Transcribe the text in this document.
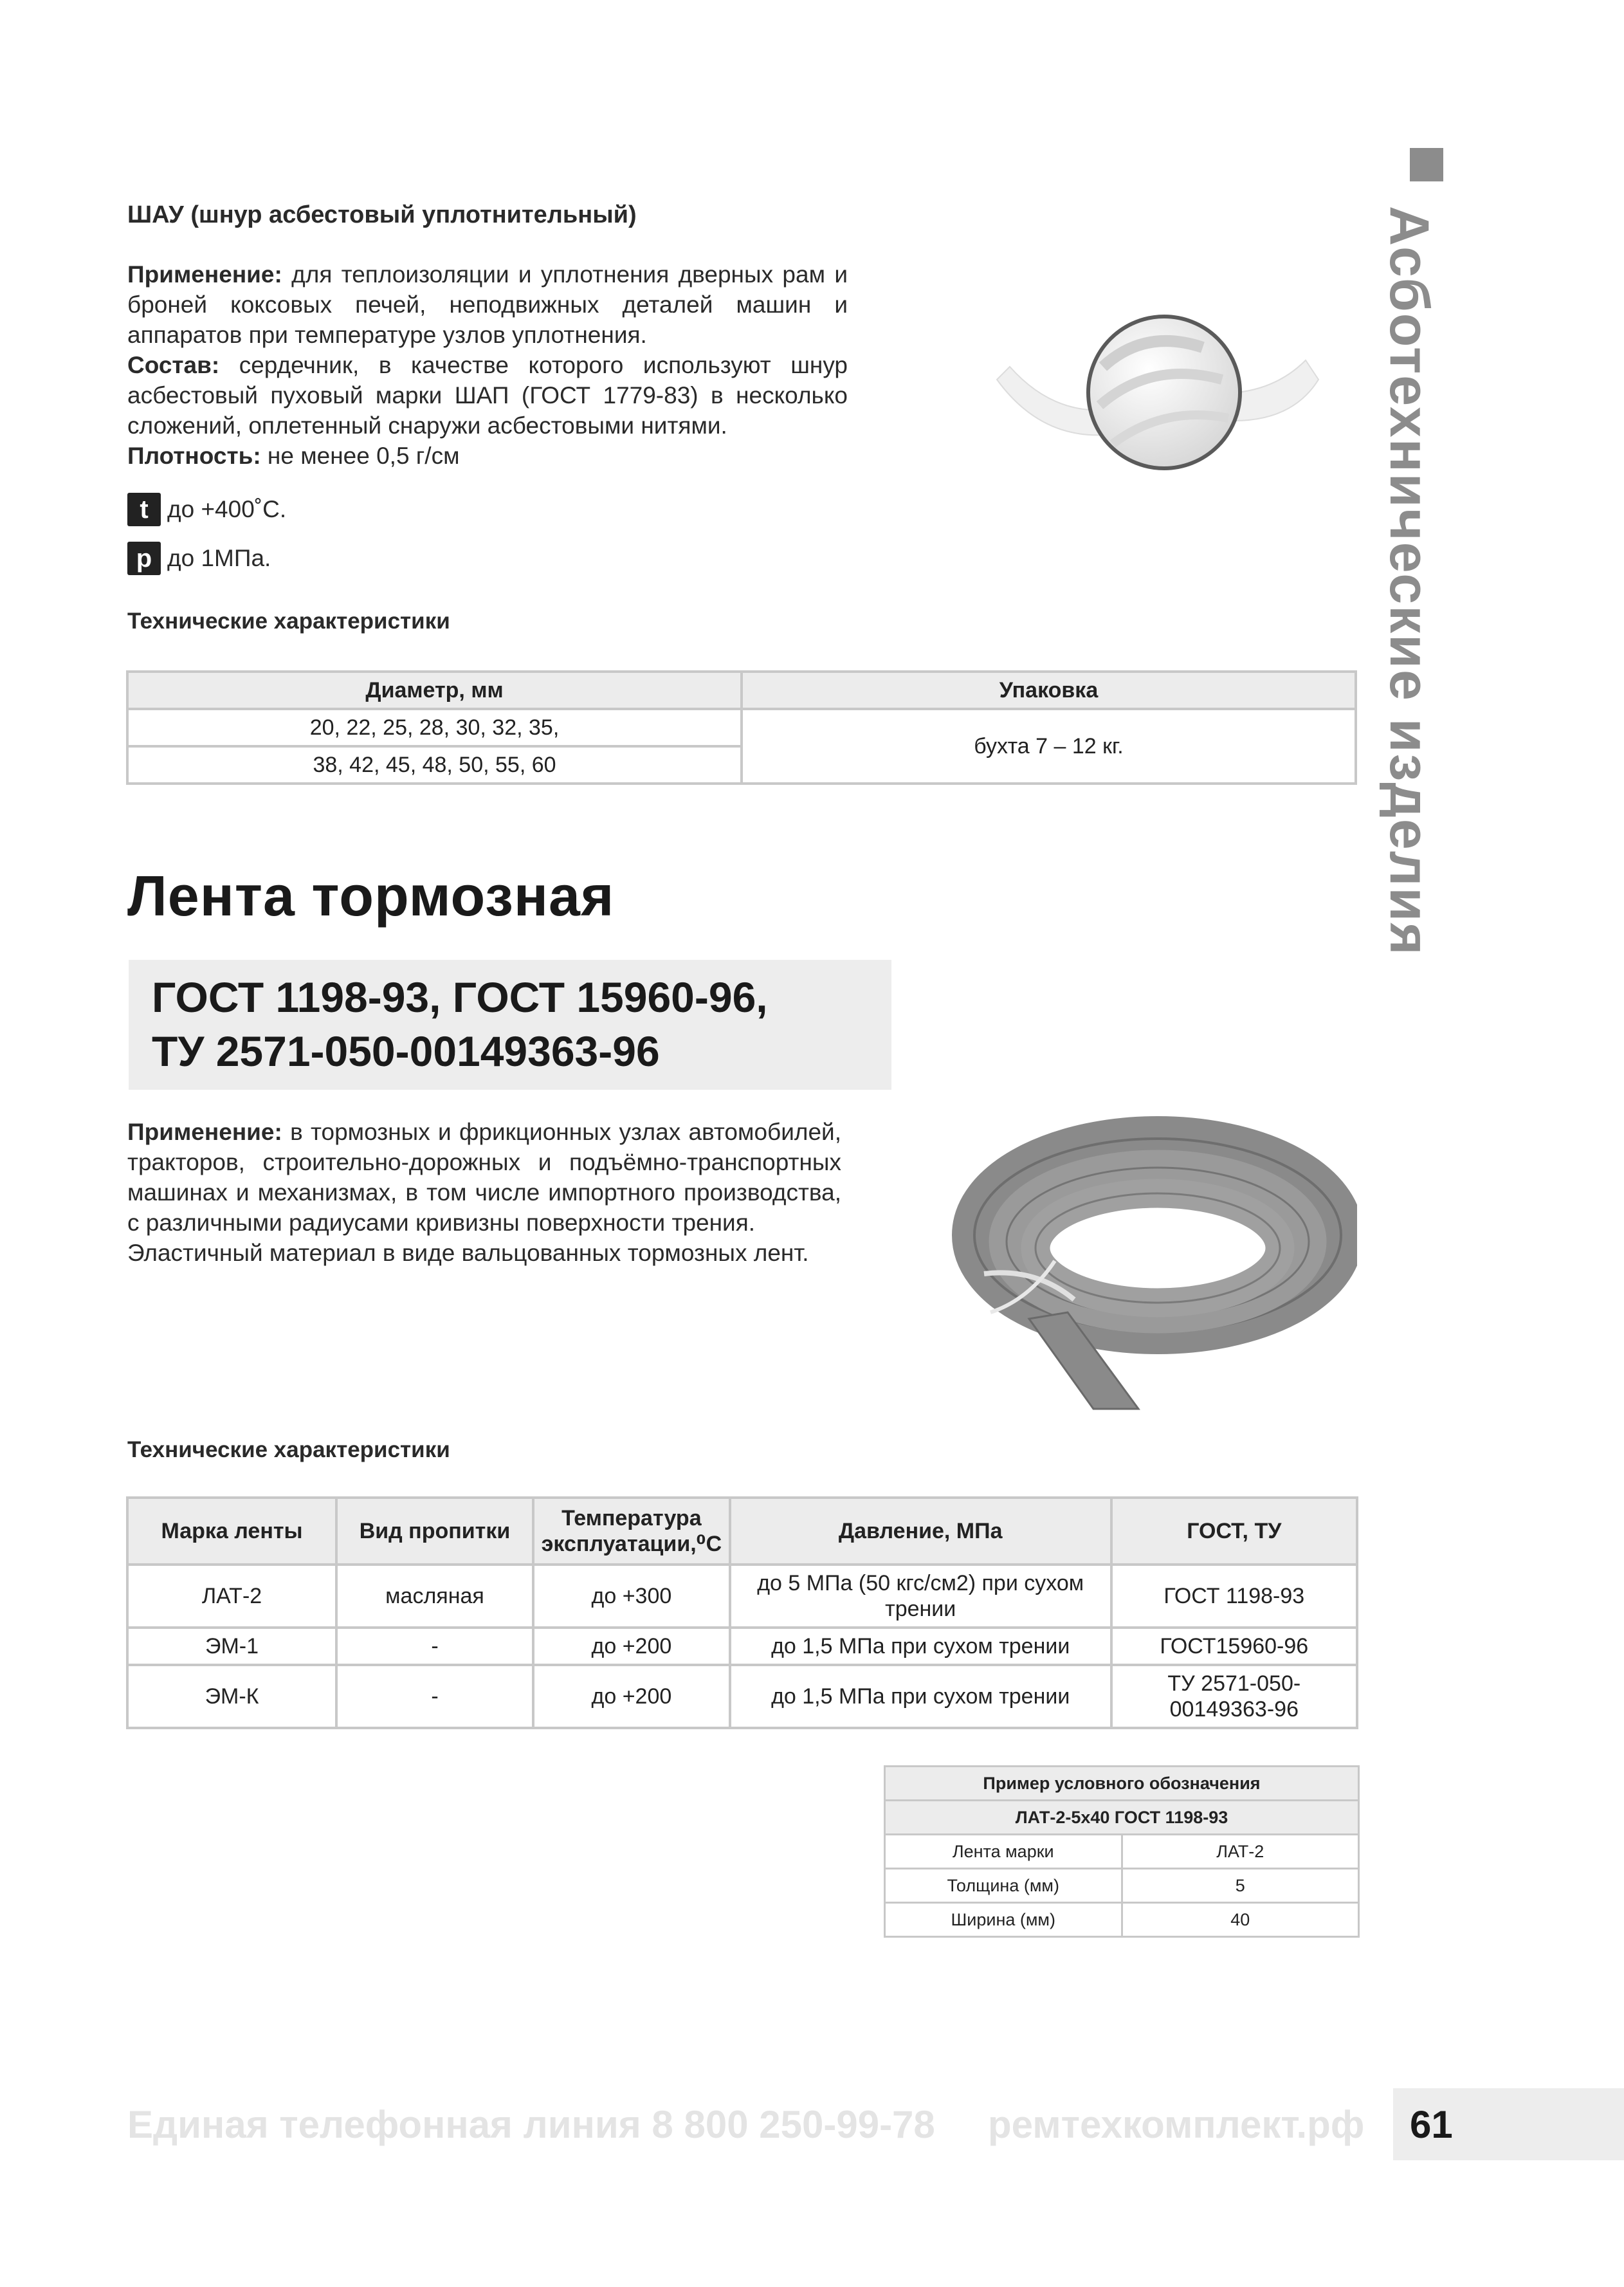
ШАУ (шнур асбестовый уплотнительный)

Применение: для теплоизоляции и уплотнения дверных рам и броней коксовых печей, неподвижных деталей машин и аппаратов при температуре узлов уплотнения.

Состав: сердечник, в качестве которого используют шнур асбестовый пуховый марки ШАП (ГОСТ 1779-83) в несколько сложений, оплетенный снаружи асбестовыми нитями.

Плотность: не менее 0,5 г/см

t до +400˚С.
p до 1МПа.
Технические характеристики
Диаметр, мм	Упаковка
20, 22, 25, 28, 30, 32, 35,	бухта 7 – 12 кг.
38, 42, 45, 48, 50, 55, 60	
Лента тормозная
ГОСТ 1198-93, ГОСТ 15960-96,
ТУ 2571-050-00149363-96

Применение: в тормозных и фрикционных узлах автомобилей, тракторов, строительно-дорожных и подъёмно-транспортных машинах и механизмах, в том числе импортного производства, с различными радиусами кривизны поверхности трения.

Эластичный материал в виде вальцованных тормозных лент.

Технические характеристики
Марка ленты	Вид пропитки	Температура эксплуатации,⁰С	Давление, МПа	ГОСТ, ТУ
ЛАТ-2	масляная	до +300	до 5 МПа (50 кгс/см2) при сухом трении	ГОСТ 1198-93
ЭМ-1	-	до +200	до 1,5 МПа при сухом трении	ГОСТ15960-96
ЭМ-К	-	до +200	до 1,5 МПа при сухом трении	ТУ 2571-050-00149363-96
Пример условного обозначения	
ЛАТ-2-5х40 ГОСТ 1198-93	
Лента марки	ЛАТ-2
Толщина (мм)	5
Ширина (мм)	40
Асботехнические изделия
Единая телефонная линия 8 800 250-99-78 ремтехкомплект.рф 61
